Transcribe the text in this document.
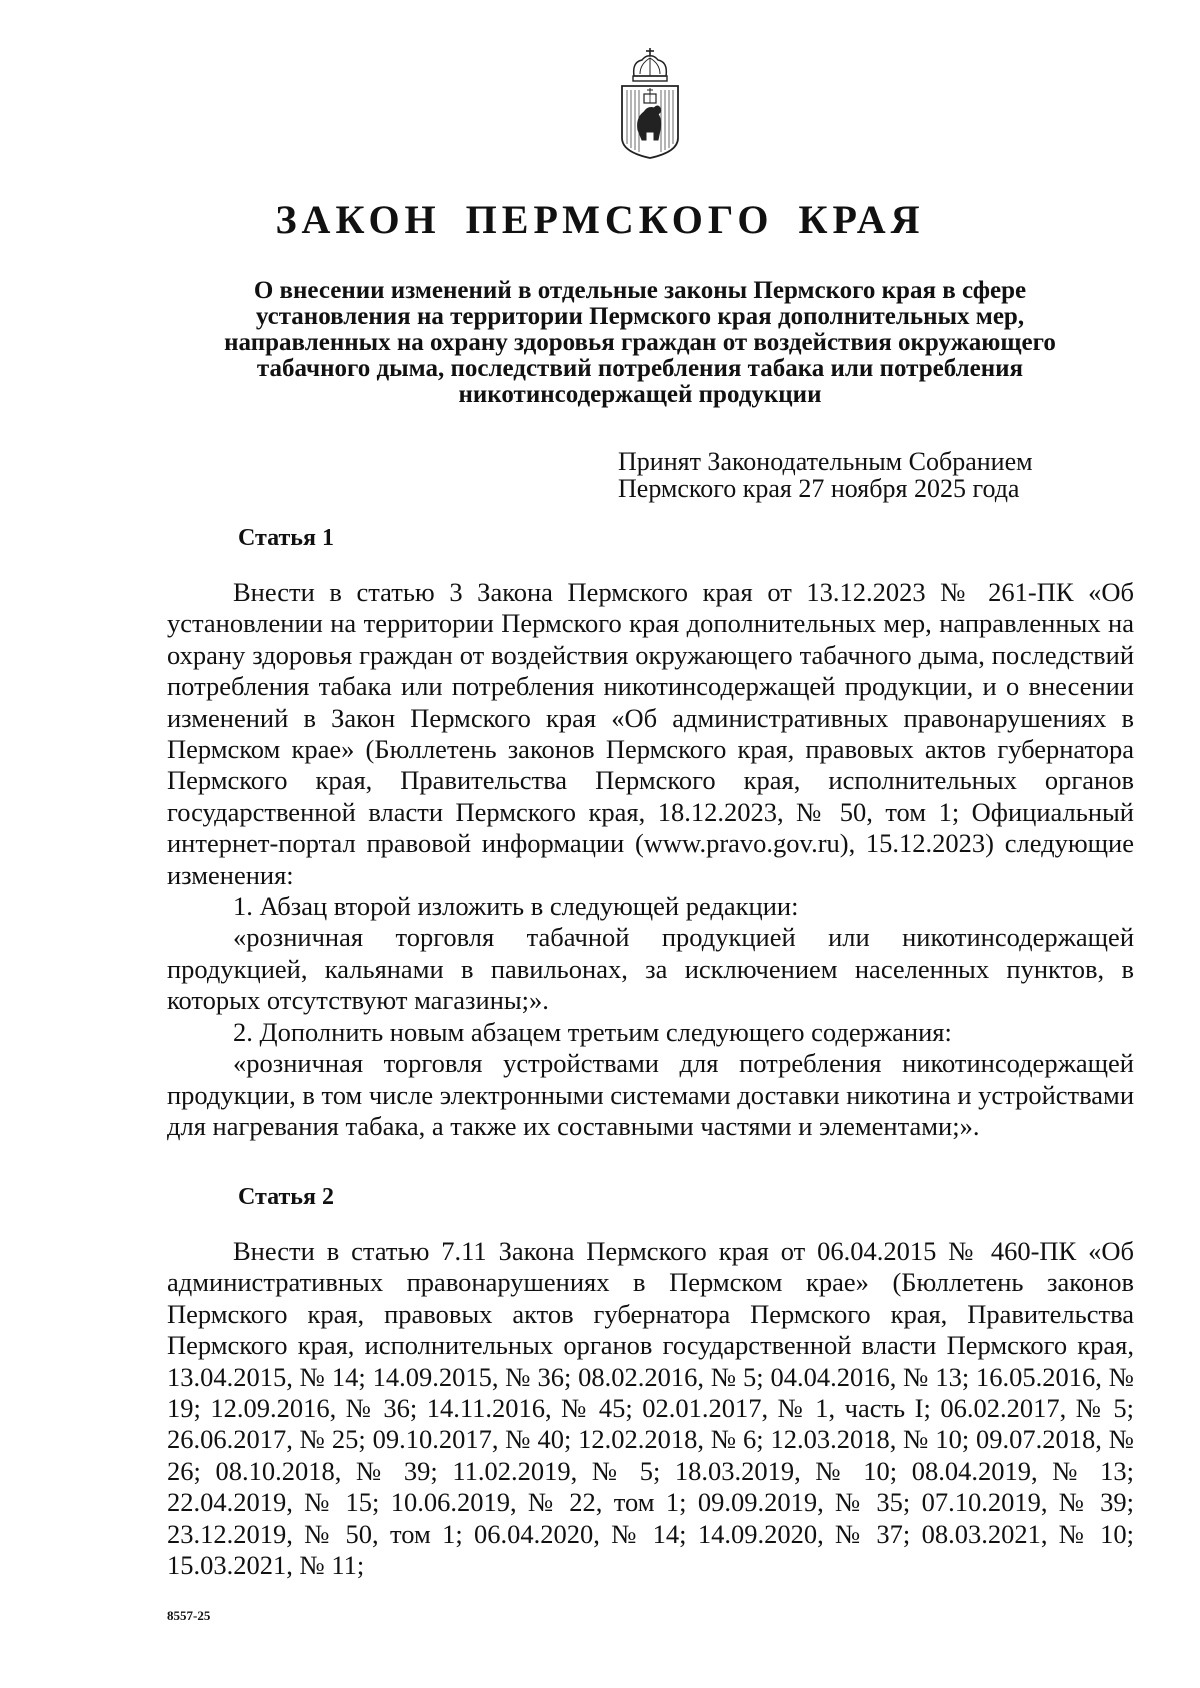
ЗАКОН ПЕРМСКОГО КРАЯ
О внесении изменений в отдельные законы Пермского края в сфере установления на территории Пермского края дополнительных мер, направленных на охрану здоровья граждан от воздействия окружающего табачного дыма, последствий потребления табака или потребления никотинсодержащей продукции
Принят Законодательным Собранием
Пермского края 27 ноября 2025 года
Статья 1

Внести в статью 3 Закона Пермского края от 13.12.2023 № 261-ПК «Об установлении на территории Пермского края дополнительных мер, направленных на охрану здоровья граждан от воздействия окружающего табачного дыма, последствий потребления табака или потребления никотинсодержащей продукции, и о внесении изменений в Закон Пермского края «Об административных правонарушениях в Пермском крае» (Бюллетень законов Пермского края, правовых актов губернатора Пермского края, Правительства Пермского края, исполнительных органов государственной власти Пермского края, 18.12.2023, № 50, том 1; Официальный интернет-портал правовой информации (www.pravo.gov.ru), 15.12.2023) следующие изменения:

1. Абзац второй изложить в следующей редакции:

«розничная торговля табачной продукцией или никотинсодержащей продукцией, кальянами в павильонах, за исключением населенных пунктов, в которых отсутствуют магазины;».

2. Дополнить новым абзацем третьим следующего содержания:

«розничная торговля устройствами для потребления никотинсодержащей продукции, в том числе электронными системами доставки никотина и устройствами для нагревания табака, а также их составными частями и элементами;».

Статья 2

Внести в статью 7.11 Закона Пермского края от 06.04.2015 № 460-ПК «Об административных правонарушениях в Пермском крае» (Бюллетень законов Пермского края, правовых актов губернатора Пермского края, Правительства Пермского края, исполнительных органов государственной власти Пермского края, 13.04.2015, № 14; 14.09.2015, № 36; 08.02.2016, № 5; 04.04.2016, № 13; 16.05.2016, № 19; 12.09.2016, № 36; 14.11.2016, № 45; 02.01.2017, № 1, часть I; 06.02.2017, № 5; 26.06.2017, № 25; 09.10.2017, № 40; 12.02.2018, № 6; 12.03.2018, № 10; 09.07.2018, № 26; 08.10.2018, № 39; 11.02.2019, № 5; 18.03.2019, № 10; 08.04.2019, № 13; 22.04.2019, № 15; 10.06.2019, № 22, том 1; 09.09.2019, № 35; 07.10.2019, № 39; 23.12.2019, № 50, том 1; 06.04.2020, № 14; 14.09.2020, № 37; 08.03.2021, № 10; 15.03.2021, № 11;

8557-25
